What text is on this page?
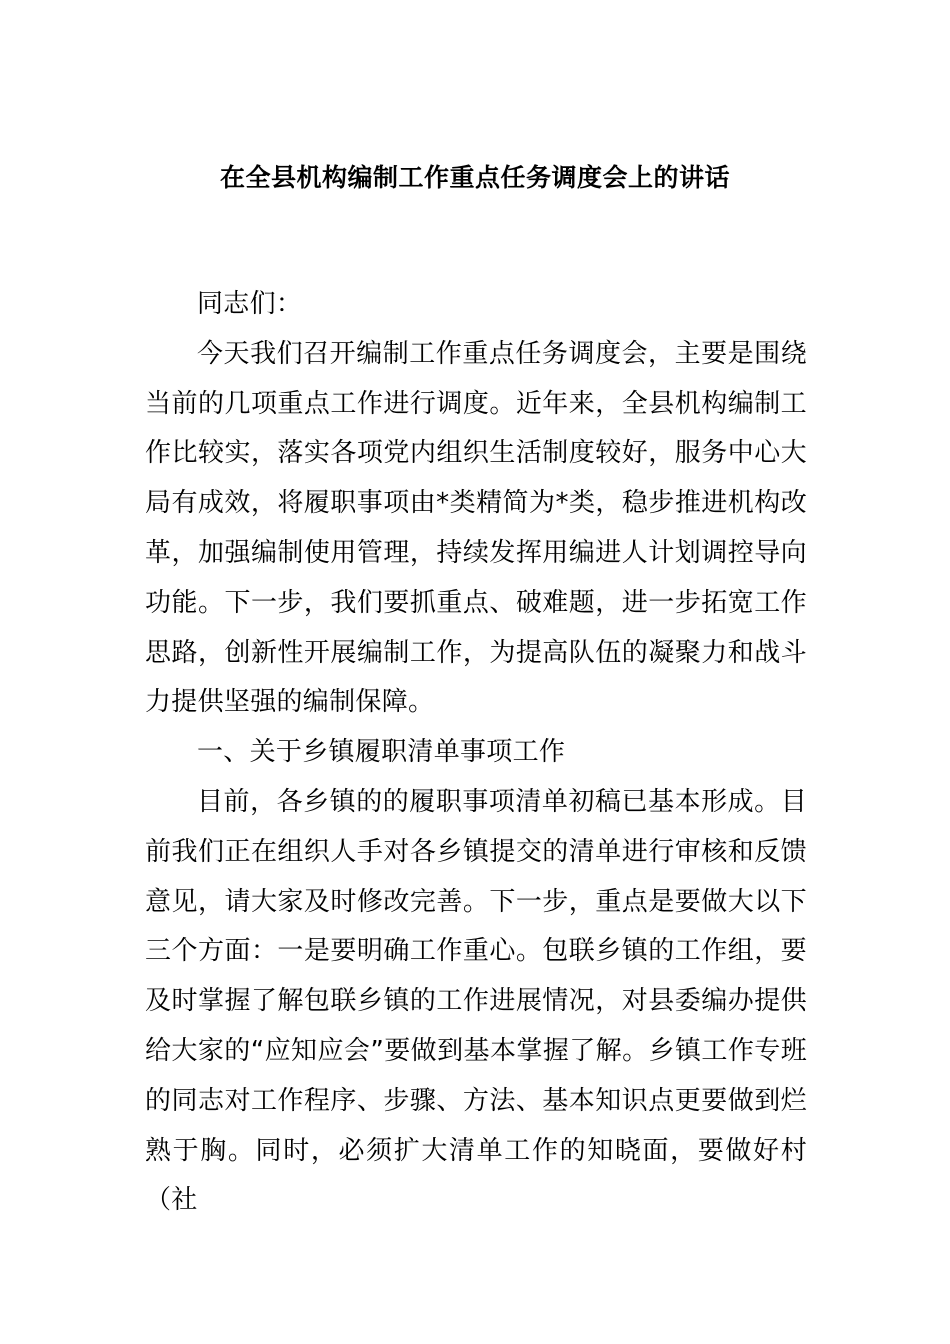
在全县机构编制工作重点任务调度会上的讲话

同志们：

今天我们召开编制工作重点任务调度会，主要是围绕当前的几项重点工作进行调度。近年来，全县机构编制工作比较实，落实各项党内组织生活制度较好，服务中心大局有成效，将履职事项由*类精简为*类，稳步推进机构改革，加强编制使用管理，持续发挥用编进人计划调控导向功能。下一步，我们要抓重点、破难题，进一步拓宽工作思路，创新性开展编制工作，为提高队伍的凝聚力和战斗力提供坚强的编制保障。

一、关于乡镇履职清单事项工作

目前，各乡镇的的履职事项清单初稿已基本形成。目前我们正在组织人手对各乡镇提交的清单进行审核和反馈意见，请大家及时修改完善。下一步，重点是要做大以下三个方面：一是要明确工作重心。包联乡镇的工作组，要及时掌握了解包联乡镇的工作进展情况，对县委编办提供给大家的“应知应会”要做到基本掌握了解。乡镇工作专班的同志对工作程序、步骤、方法、基本知识点更要做到烂熟于胸。同时，必须扩大清单工作的知晓面，要做好村（社
